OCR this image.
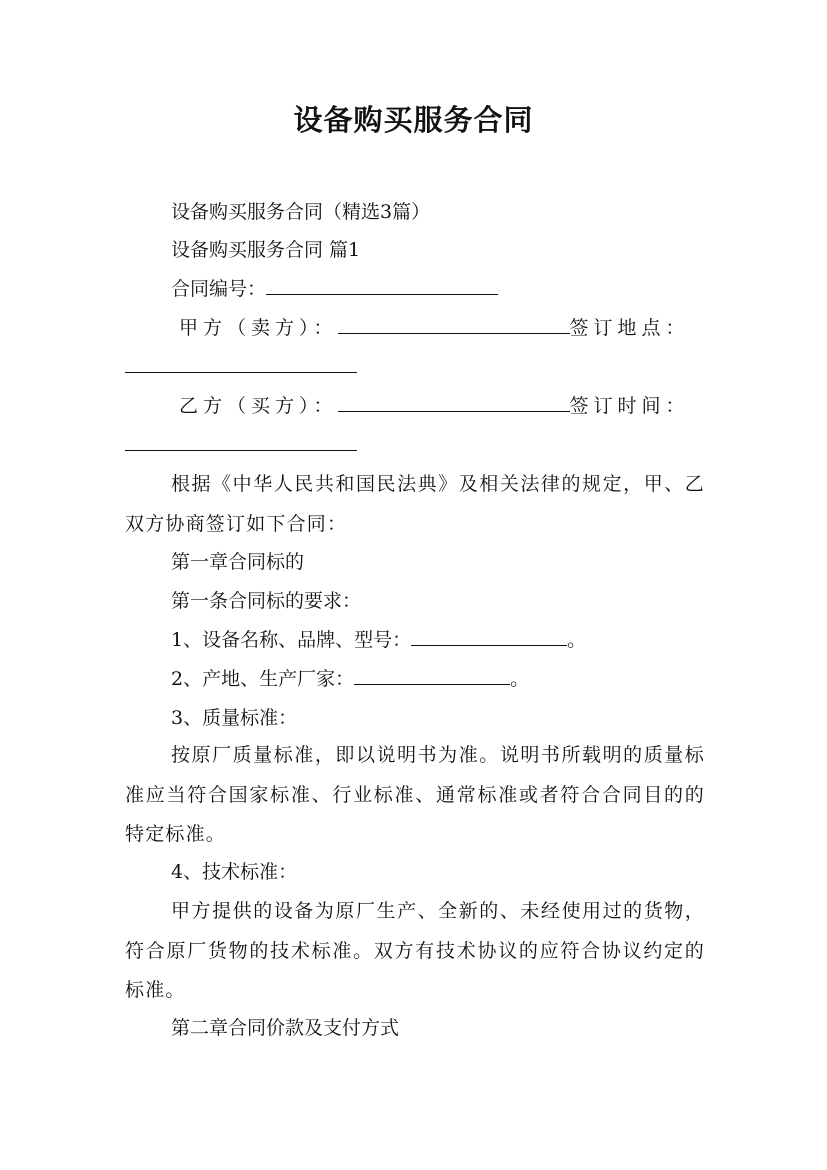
设备购买服务合同
设备购买服务合同（精选3篇）
设备购买服务合同 篇1
合同编号：
甲方（卖方）：	签订地点：
乙方（买方）：	签订时间：
根据《中华人民共和国民法典》及相关法律的规定，甲、乙双方协商签订如下合同：
第一章合同标的
第一条合同标的要求：
1、设备名称、品牌、型号：	。
2、产地、生产厂家：	。
3、质量标准：
按原厂质量标准，即以说明书为准。说明书所载明的质量标准应当符合国家标准、行业标准、通常标准或者符合合同目的的特定标准。
4、技术标准：
甲方提供的设备为原厂生产、全新的、未经使用过的货物，符合原厂货物的技术标准。双方有技术协议的应符合协议约定的标准。
第二章合同价款及支付方式
